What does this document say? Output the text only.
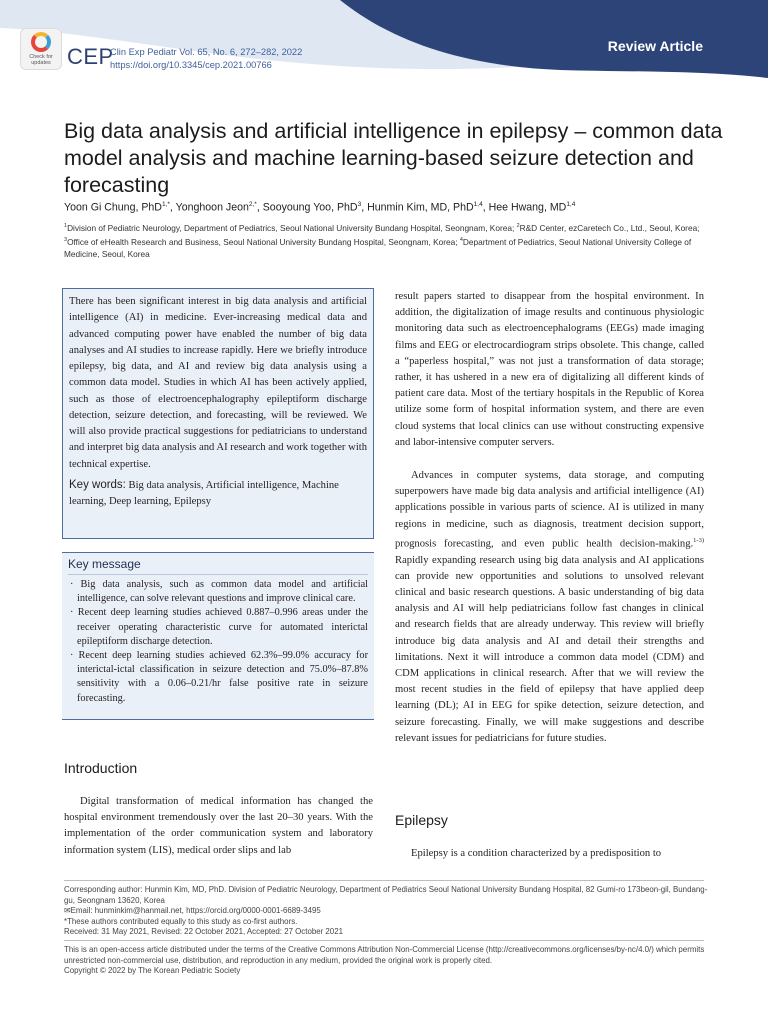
Check for updates CEP
Clin Exp Pediatr Vol. 65, No. 6, 272–282, 2022
https://doi.org/10.3345/cep.2021.00766
Review Article
Big data analysis and artificial intelligence in epilepsy – common data model analysis and machine learning-based seizure detection and forecasting
Yoon Gi Chung, PhD$^{1,*}$, Yonghoon Jeon$^{2,*}$, Sooyoung Yoo, PhD$^3$, Hunmin Kim, MD, PhD$^{1,4}$, Hee Hwang, MD$^{1,4}$
$^1$Division of Pediatric Neurology, Department of Pediatrics, Seoul National University Bundang Hospital, Seongnam, Korea; $^2$R&D Center, ezCaretech Co., Ltd., Seoul, Korea; $^3$Office of eHealth Research and Business, Seoul National University Bundang Hospital, Seongnam, Korea; $^4$Department of Pediatrics, Seoul National University College of Medicine, Seoul, Korea

There has been significant interest in big data analysis and artificial intelligence (AI) in medicine. Ever-increasing medical data and advanced computing power have enabled the number of big data analyses and AI studies to increase rapidly. Here we briefly introduce epilepsy, big data, and AI and review big data analysis using a common data model. Studies in which AI has been actively applied, such as those of electroencephalography epileptiform discharge detection, seizure detection, and forecasting, will be reviewed. We will also provide practical suggestions for pediatricians to understand and interpret big data analysis and AI research and work together with technical expertise.

Key words: Big data analysis, Artificial intelligence, Machine learning, Deep learning, Epilepsy

Key message

· Big data analysis, such as common data model and artificial intelligence, can solve relevant questions and improve clinical care.

· Recent deep learning studies achieved 0.887–0.996 areas under the receiver operating characteristic curve for automated interictal epileptiform discharge detection.

· Recent deep learning studies achieved 62.3%–99.0% accuracy for interictal-ictal classification in seizure detection and 75.0%–87.8% sensitivity with a 0.06–0.21/hr false positive rate in seizure forecasting.

Introduction

Digital transformation of medical information has changed the hospital environment tremendously over the last 20–30 years. With the implementation of the order communication system and laboratory information system (LIS), medical order slips and lab

result papers started to disappear from the hospital environment. In addition, the digitalization of image results and continuous physiologic monitoring data such as electroencephalograms (EEGs) made imaging films and EEG or electrocardiogram strips obsolete. This change, called a “paperless hospital,” was not just a transformation of data storage; rather, it has ushered in a new era of digitalizing all different kinds of patient care data. Most of the tertiary hospitals in the Republic of Korea utilize some form of hospital information system, and there are even cloud systems that local clinics can use without constructing expensive and labor-intensive computer servers.

Advances in computer systems, data storage, and computing superpowers have made big data analysis and artificial intelligence (AI) applications possible in various parts of science. AI is utilized in many regions in medicine, such as diagnosis, treatment decision support, prognosis forecasting, and even public health decision-making.$^{1-3)}$ Rapidly expanding research using big data analysis and AI applications can provide new opportunities and solutions to unsolved relevant clinical and basic research questions. A basic understanding of big data analysis and AI will help pediatricians follow fast changes in clinical and research fields that are already underway. This review will briefly introduce big data analysis and AI and detail their strengths and limitations. Next it will introduce a common data model (CDM) and CDM applications in clinical research. After that we will review the most recent studies in the field of epilepsy that have applied deep learning (DL); AI in EEG for spike detection, seizure detection, and seizure forecasting. Finally, we will make suggestions and describe relevant issues for pediatricians for future studies.

Epilepsy

Epilepsy is a condition characterized by a predisposition to

Corresponding author: Hunmin Kim, MD, PhD. Division of Pediatric Neurology, Department of Pediatrics Seoul National University Bundang Hospital, 82 Gumi-ro 173beon-gil, Bundang-gu, Seongnam 13620, Korea
✉Email: hunminkim@hanmail.net, https://orcid.org/0000-0001-6689-3495
*These authors contributed equally to this study as co-first authors.
Received: 31 May 2021, Revised: 22 October 2021, Accepted: 27 October 2021
This is an open-access article distributed under the terms of the Creative Commons Attribution Non-Commercial License (http://creativecommons.org/licenses/by-nc/4.0/) which permits unrestricted non-commercial use, distribution, and reproduction in any medium, provided the original work is properly cited.
Copyright © 2022 by The Korean Pediatric Society
